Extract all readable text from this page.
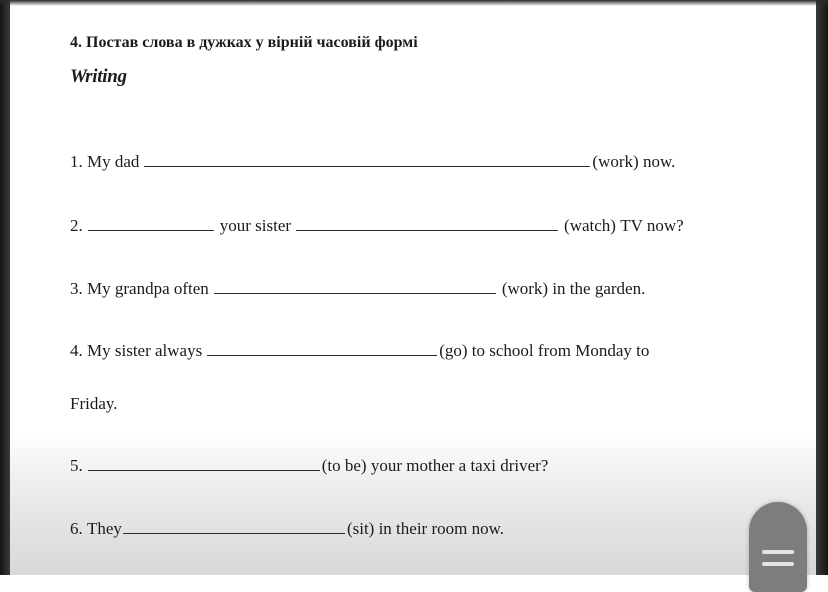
4. Постав слова в дужках у вірній часовій формі
Writing
1.
My dad	(work)
now.
2.	your sister	(watch)
TV now?
3.
My grandpa often	(work)
in the garden.
4.
My sister always	(go)
to school from Monday to
Friday.
5.	(to be)
your mother a taxi driver?
6.
They	(sit)
in their room now.
